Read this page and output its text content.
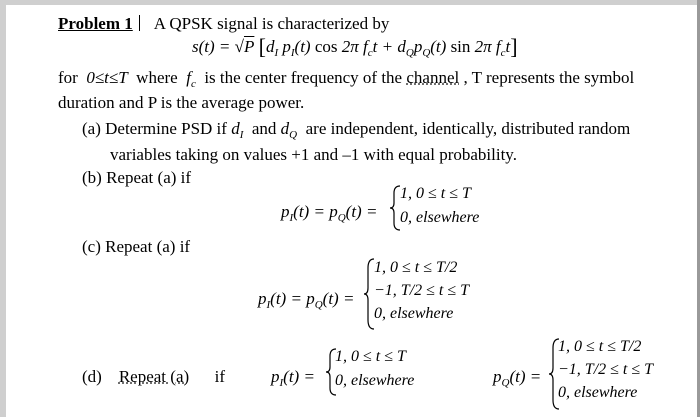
Problem 1 A QPSK signal is characterized by
s(t) = √P [$d_I$ $p_I(t)$ cos 2π $f_ct + d_Qp_Q(t)$ sin 2π $f_ct$]
for  0≤t≤T  where  $f_c$  is the center frequency of the channel , T represents the symbol
duration and P is the average power.
(a) Determine PSD if $d_I$  and $d_Q$  are independent, identically, distributed random
variables taking on values +1 and –1 with equal probability.
(b) Repeat (a) if
$p_I(t) = p_Q(t)$ =
1, 0 ≤ t ≤ T
0, elsewhere
(c) Repeat (a) if
$p_I(t) = p_Q(t)$ =
1, 0 ≤ t ≤ T/2
−1, T/2 ≤ t ≤ T
0, elsewhere
(d) Repeat (a) if	$p_I(t)$ =
1, 0 ≤ t ≤ T
0, elsewhere	$p_Q(t)$ =
1, 0 ≤ t ≤ T/2
−1, T/2 ≤ t ≤ T
0, elsewhere
